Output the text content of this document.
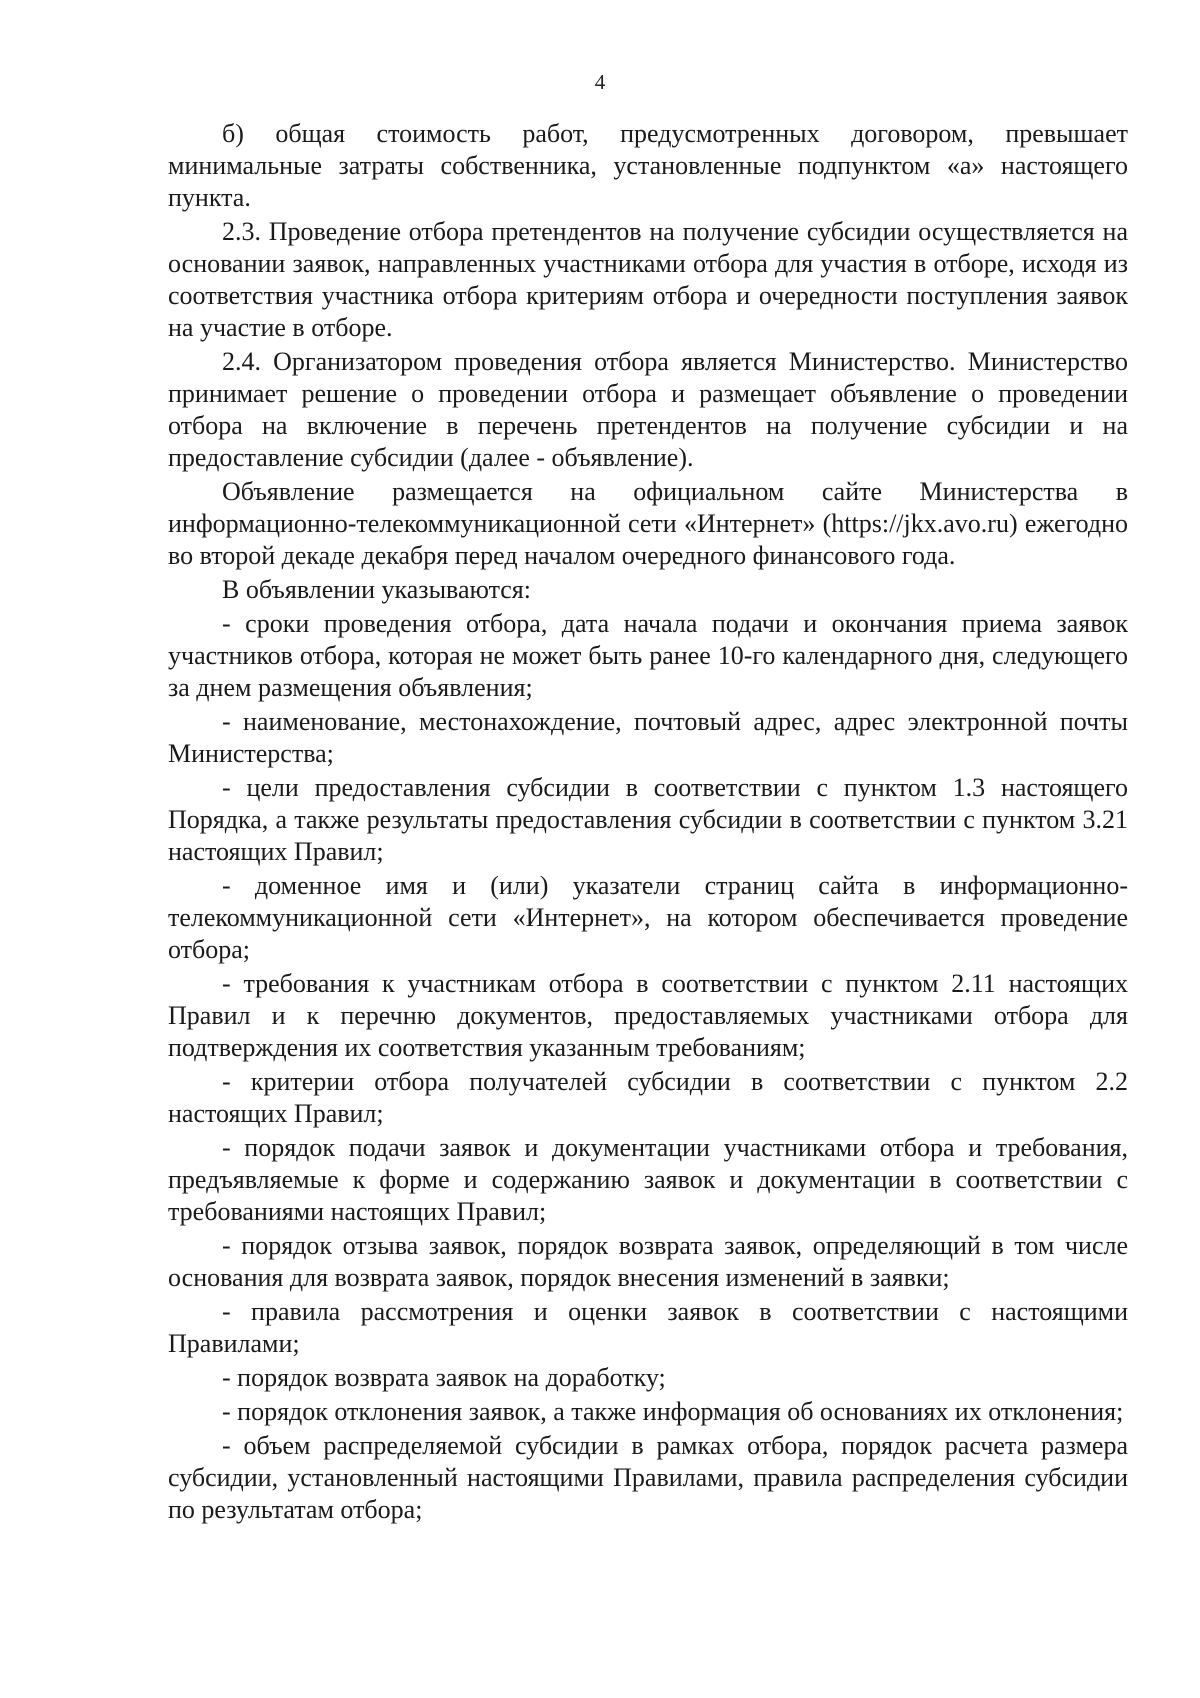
4

б) общая стоимость работ, предусмотренных договором, превышает минимальные затраты собственника, установленные подпунктом «а» настоящего пункта.

2.3. Проведение отбора претендентов на получение субсидии осуществляется на основании заявок, направленных участниками отбора для участия в отборе, исходя из соответствия участника отбора критериям отбора и очередности поступления заявок на участие в отборе.

2.4. Организатором проведения отбора является Министерство. Министерство принимает решение о проведении отбора и размещает объявление о проведении отбора на включение в перечень претендентов на получение субсидии и на предоставление субсидии (далее - объявление).

Объявление размещается на официальном сайте Министерства в информационно-телекоммуникационной сети «Интернет» (https://jkx.avo.ru) ежегодно во второй декаде декабря перед началом очередного финансового года.

В объявлении указываются:

- сроки проведения отбора, дата начала подачи и окончания приема заявок участников отбора, которая не может быть ранее 10-го календарного дня, следующего за днем размещения объявления;

- наименование, местонахождение, почтовый адрес, адрес электронной почты Министерства;

- цели предоставления субсидии в соответствии с пунктом 1.3 настоящего Порядка, а также результаты предоставления субсидии в соответствии с пунктом 3.21 настоящих Правил;

- доменное имя и (или) указатели страниц сайта в информационно-телекоммуникационной сети «Интернет», на котором обеспечивается проведение отбора;

- требования к участникам отбора в соответствии с пунктом 2.11 настоящих Правил и к перечню документов, предоставляемых участниками отбора для подтверждения их соответствия указанным требованиям;

- критерии отбора получателей субсидии в соответствии с пунктом 2.2 настоящих Правил;

- порядок подачи заявок и документации участниками отбора и требования, предъявляемые к форме и содержанию заявок и документации в соответствии с требованиями настоящих Правил;

- порядок отзыва заявок, порядок возврата заявок, определяющий в том числе основания для возврата заявок, порядок внесения изменений в заявки;

- правила рассмотрения и оценки заявок в соответствии с настоящими Правилами;

- порядок возврата заявок на доработку;

- порядок отклонения заявок, а также информация об основаниях их отклонения;

- объем распределяемой субсидии в рамках отбора, порядок расчета размера субсидии, установленный настоящими Правилами, правила распределения субсидии по результатам отбора;
